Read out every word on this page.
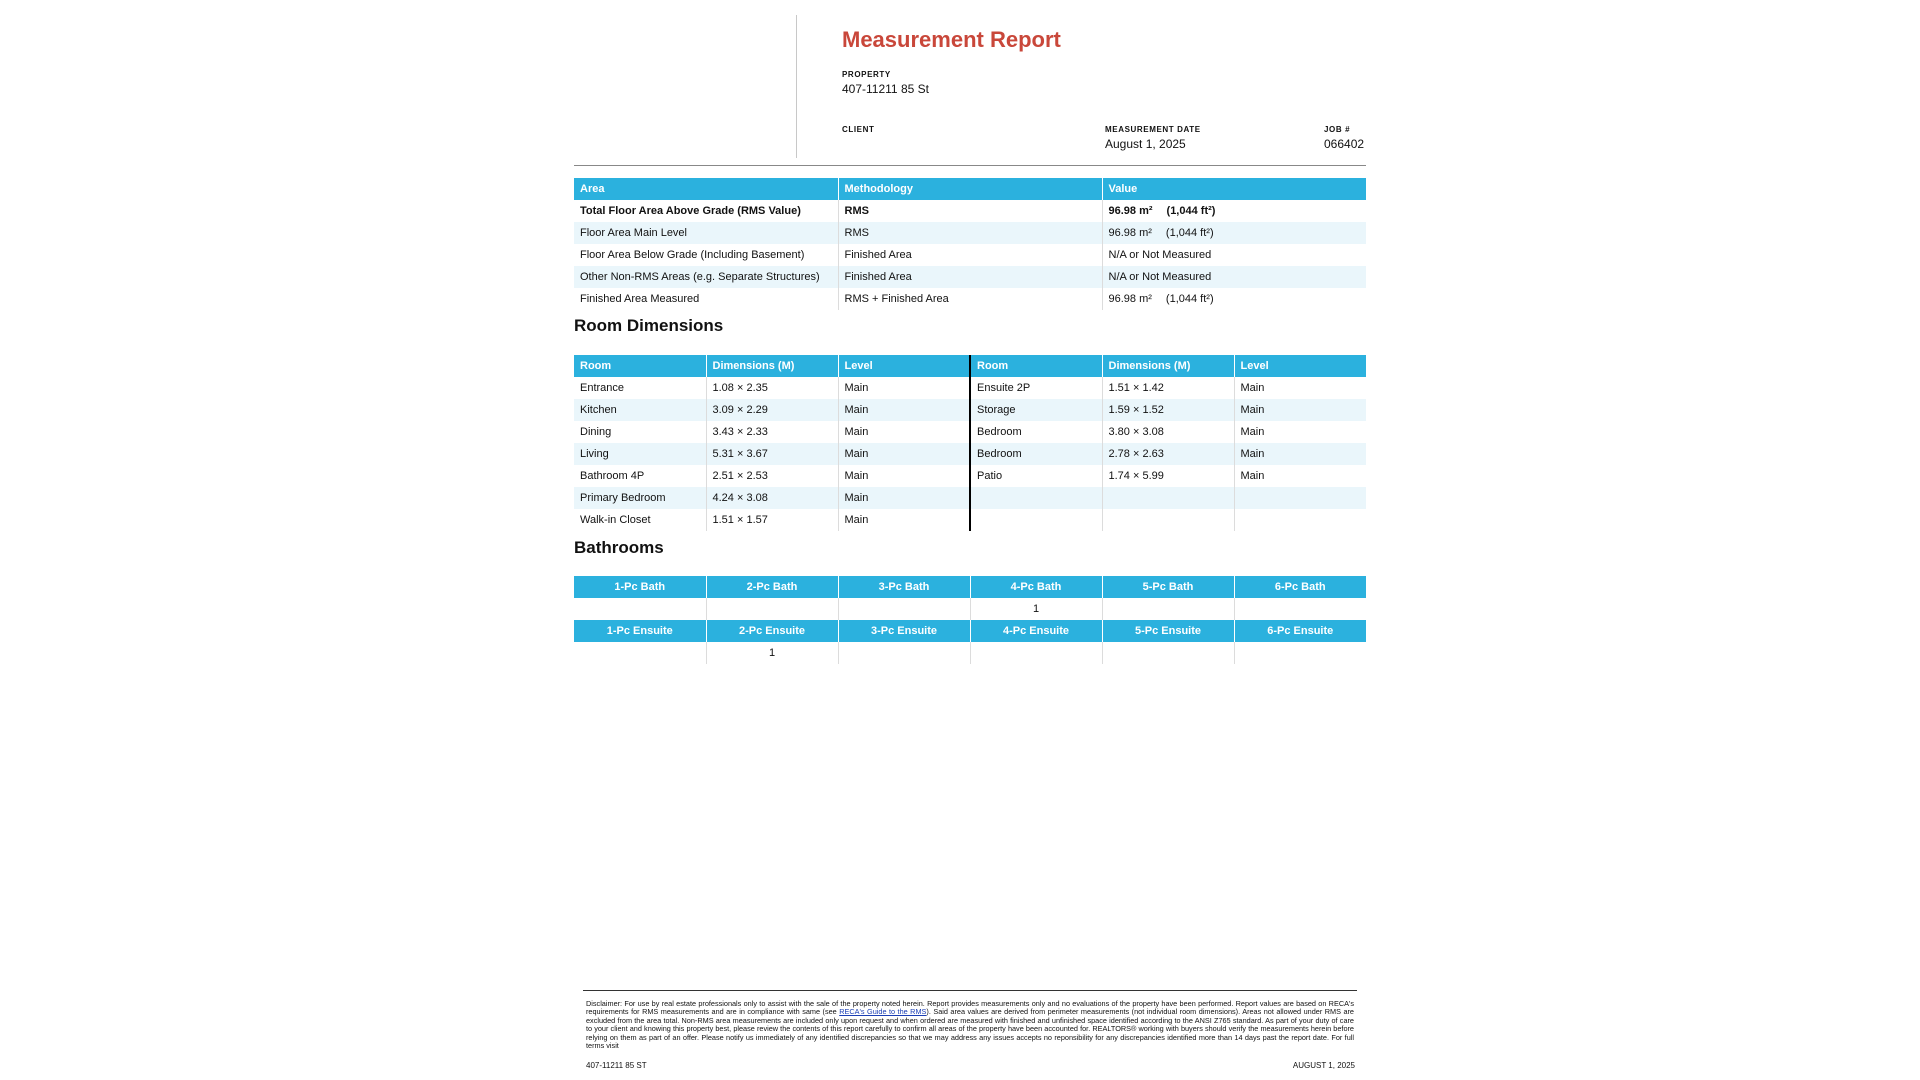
Measurement Report
PROPERTY
407-11211 85 St
CLIENT	MEASUREMENT DATE
August 1, 2025
JOB #
066402
Area	Methodology	Value
Total Floor Area Above Grade (RMS Value)	RMS	96.98 m² (1,044 ft²)
Floor Area Main Level	RMS	96.98 m² (1,044 ft²)
Floor Area Below Grade (Including Basement)	Finished Area	N/A or Not Measured
Other Non-RMS Areas (e.g. Separate Structures)	Finished Area	N/A or Not Measured
Finished Area Measured	RMS + Finished Area	96.98 m² (1,044 ft²)
Room Dimensions
Room	Dimensions (M)	Level	Room	Dimensions (M)	Level
Entrance	1.08 × 2.35	Main	Ensuite 2P	1.51 × 1.42	Main
Kitchen	3.09 × 2.29	Main	Storage	1.59 × 1.52	Main
Dining	3.43 × 2.33	Main	Bedroom	3.80 × 3.08	Main
Living	5.31 × 3.67	Main	Bedroom	2.78 × 2.63	Main
Bathroom 4P	2.51 × 2.53	Main	Patio	1.74 × 5.99	Main
Primary Bedroom	4.24 × 3.08	Main			
Walk-in Closet	1.51 × 1.57	Main			
Bathrooms
1-Pc Bath	2-Pc Bath	3-Pc Bath	4-Pc Bath	5-Pc Bath	6-Pc Bath
			1		
1-Pc Ensuite	2-Pc Ensuite	3-Pc Ensuite	4-Pc Ensuite	5-Pc Ensuite	6-Pc Ensuite
	1				
Disclaimer: For use by real estate professionals only to assist with the sale of the property noted herein. Report provides measurements only and no evaluations of the property have been performed. Report values are based on RECA's requirements for RMS measurements and are in compliance with same (see RECA's Guide to the RMS). Said area values are derived from perimeter measurements (not individual room dimensions). Areas not allowed under RMS are excluded from the area total. Non-RMS area measurements are included only upon request and when ordered are measured with finished and unfinished space identified according to the ANSI Z765 standard. As part of your duty of care to your client and knowing this property best, please review the contents of this report carefully to confirm all areas of the property have been accounted for. REALTORS® working with buyers should verify the measurements herein before relying on them as part of an offer. Please notify us immediately of any identified discrepancies so that we may address any issues accepts no reponsibility for any discrepancies identified more than 14 days past the report date. For full terms visit
407-11211 85 ST	AUGUST 1, 2025
